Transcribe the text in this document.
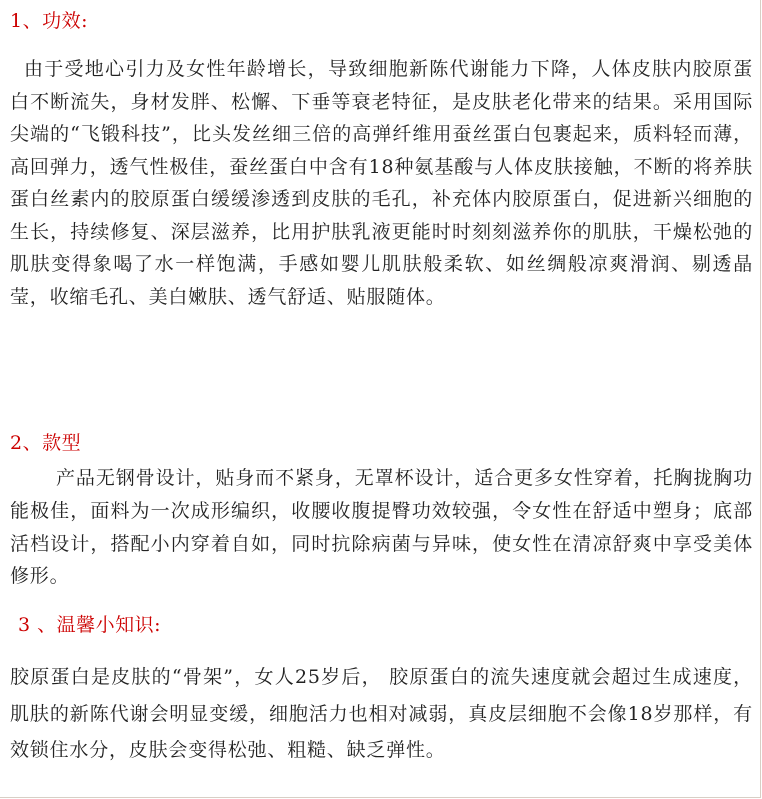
1、功效:

由于受地心引力及女性年龄增长，导致细胞新陈代谢能力下降，人体皮肤内胶原蛋白不断流失，身材发胖、松懈、下垂等衰老特征，是皮肤老化带来的结果。采用国际尖端的“飞锻科技”，比头发丝细三倍的高弹纤维用蚕丝蛋白包裹起来，质料轻而薄，高回弹力，透气性极佳，蚕丝蛋白中含有18种氨基酸与人体皮肤接触，不断的将养肤蛋白丝素内的胶原蛋白缓缓渗透到皮肤的毛孔，补充体内胶原蛋白，促进新兴细胞的生长，持续修复、深层滋养，比用护肤乳液更能时时刻刻滋养你的肌肤，干燥松弛的肌肤变得象喝了水一样饱满，手感如婴儿肌肤般柔软、如丝绸般凉爽滑润、剔透晶莹，收缩毛孔、美白嫩肤、透气舒适、贴服随体。

2、款型

产品无钢骨设计，贴身而不紧身，无罩杯设计，适合更多女性穿着，托胸拢胸功能极佳，面料为一次成形编织，收腰收腹提臀功效较强，令女性在舒适中塑身；底部活档设计，搭配小内穿着自如，同时抗除病菌与异味，使女性在清凉舒爽中享受美体修形。

3 、温馨小知识:

胶原蛋白是皮肤的“骨架”，女人25岁后， 胶原蛋白的流失速度就会超过生成速度，肌肤的新陈代谢会明显变缓，细胞活力也相对减弱，真皮层细胞不会像18岁那样，有效锁住水分，皮肤会变得松弛、粗糙、缺乏弹性。
